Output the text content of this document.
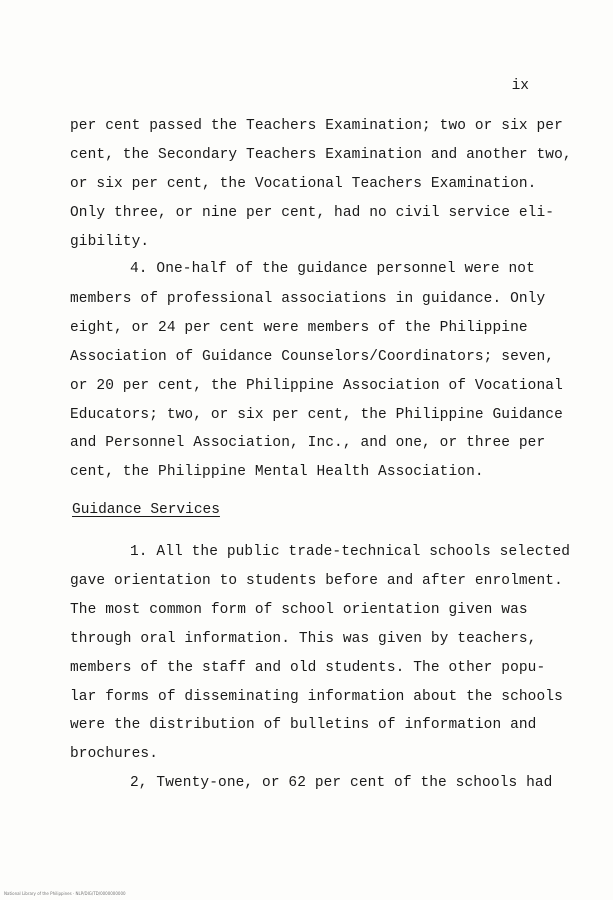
ix
per cent passed the Teachers Examination; two or six per
cent, the Secondary Teachers Examination and another two,
or six per cent, the Vocational Teachers Examination.
Only three, or nine per cent, had no civil service eli-
gibility.
4. One-half of the guidance personnel were not
members of professional associations in guidance. Only
eight, or 24 per cent were members of the Philippine
Association of Guidance Counselors/Coordinators; seven,
or 20 per cent, the Philippine Association of Vocational
Educators; two, or six per cent, the Philippine Guidance
and Personnel Association, Inc., and one, or three per
cent, the Philippine Mental Health Association.
Guidance Services
1. All the public trade-technical schools selected
gave orientation to students before and after enrolment.
The most common form of school orientation given was
through oral information. This was given by teachers,
members of the staff and old students. The other popu-
lar forms of disseminating information about the schools
were the distribution of bulletins of information and
brochures.
2, Twenty-one, or 62 per cent of the schools had
National Library of the Philippines · NLP/DIG/TD/0000000000
